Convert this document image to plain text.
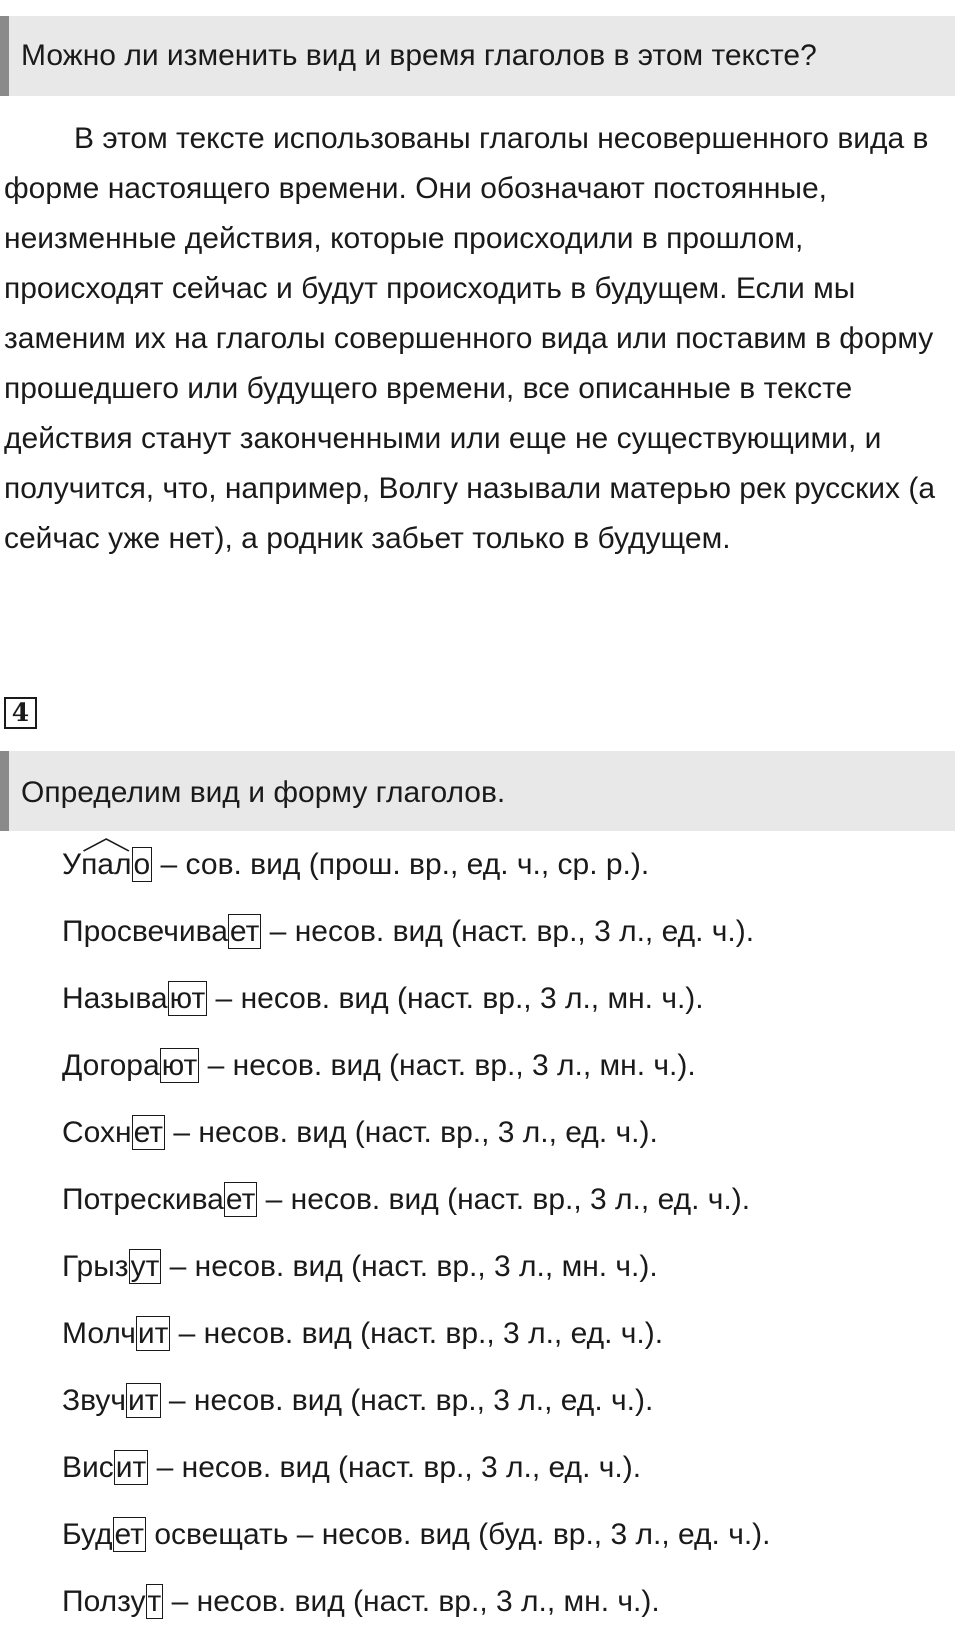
Можно ли изменить вид и время глаголов в этом тексте?

В этом тексте использованы глаголы несовершенного вида в форме настоящего времени. Они обозначают постоянные, неизменные действия, которые происходили в прошлом, происходят сейчас и будут происходить в будущем. Если мы заменим их на глаголы совершенного вида или поставим в форму прошедшего или будущего времени, все описанные в тексте действия станут законченными или еще не существующими, и получится, что, например, Волгу называли матерью рек русских (а сейчас уже нет), а родник забьет только в будущем.

4
Определим вид и форму глаголов.
Упал
о – сов. вид (прош. вр., ед. ч., ср. р.).
Просвечивает – несов. вид (наст. вр., 3 л., ед. ч.).
Называют – несов. вид (наст. вр., 3 л., мн. ч.).
Догорают – несов. вид (наст. вр., 3 л., мн. ч.).
Сохнет – несов. вид (наст. вр., 3 л., ед. ч.).
Потрескивает – несов. вид (наст. вр., 3 л., ед. ч.).
Грызут – несов. вид (наст. вр., 3 л., мн. ч.).
Молчит – несов. вид (наст. вр., 3 л., ед. ч.).
Звучит – несов. вид (наст. вр., 3 л., ед. ч.).
Висит – несов. вид (наст. вр., 3 л., ед. ч.).
Будет освещать – несов. вид (буд. вр., 3 л., ед. ч.).
Ползут – несов. вид (наст. вр., 3 л., мн. ч.).
